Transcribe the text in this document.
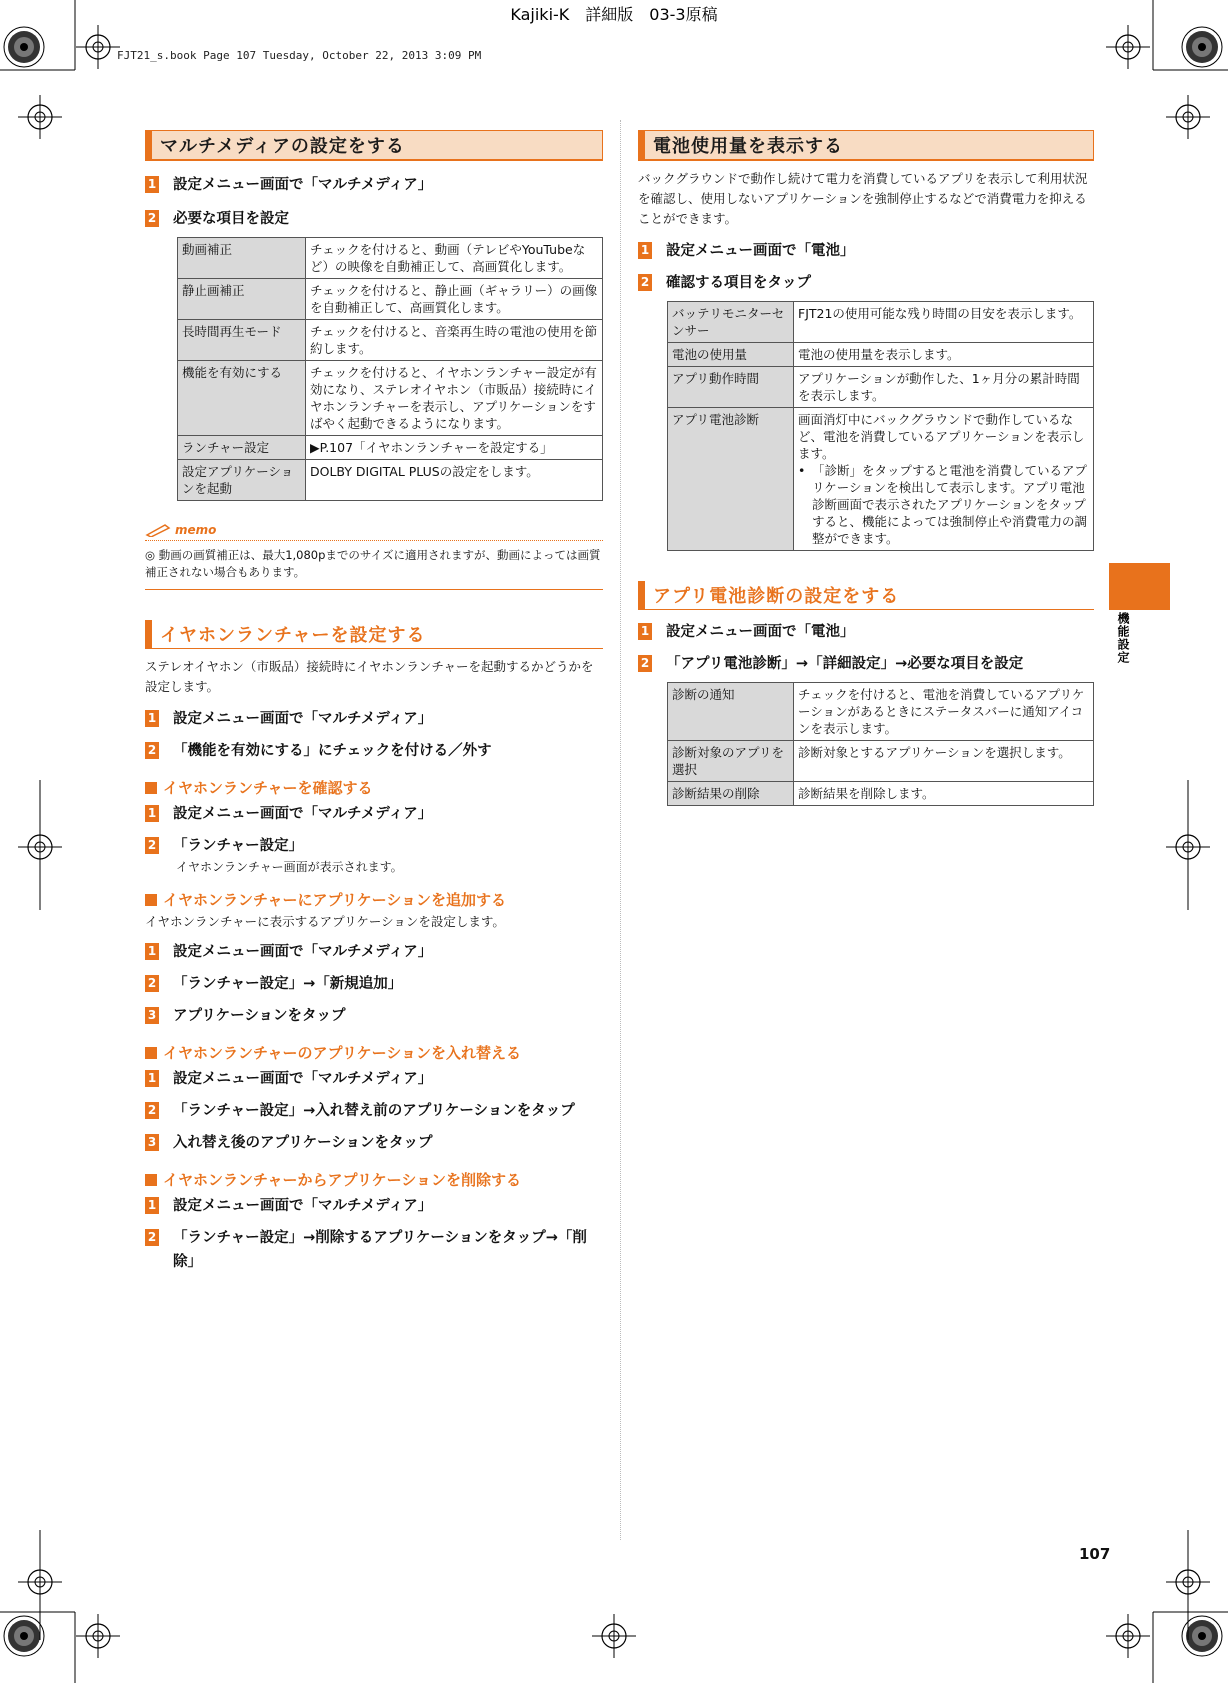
Kajiki-K　詳細版　03-3原稿
FJT21_s.book Page 107 Tuesday, October 22, 2013 3:09 PM
マルチメディアの設定をする
1 設定メニュー画面で「マルチメディア」
2 必要な項目を設定
動画補正	チェックを付けると、動画（テレビやYouTubeなど）の映像を自動補正して、高画質化します。
静止画補正	チェックを付けると、静止画（ギャラリー）の画像を自動補正して、高画質化します。
長時間再生モード	チェックを付けると、音楽再生時の電池の使用を節約します。
機能を有効にする	チェックを付けると、イヤホンランチャー設定が有効になり、ステレオイヤホン（市販品）接続時にイヤホンランチャーを表示し、アプリケーションをすばやく起動できるようになります。
ランチャー設定	▶P.107「イヤホンランチャーを設定する」
設定アプリケーションを起動	DOLBY DIGITAL PLUSの設定をします。
memo
◎ 動画の画質補正は、最大1,080pまでのサイズに適用されますが、動画によっては画質補正されない場合もあります。
イヤホンランチャーを設定する
ステレオイヤホン（市販品）接続時にイヤホンランチャーを起動するかどうかを設定します。
1 設定メニュー画面で「マルチメディア」
2 「機能を有効にする」にチェックを付ける／外す
イヤホンランチャーを確認する
1 設定メニュー画面で「マルチメディア」
2 「ランチャー設定」
イヤホンランチャー画面が表示されます。
イヤホンランチャーにアプリケーションを追加する
イヤホンランチャーに表示するアプリケーションを設定します。
1 設定メニュー画面で「マルチメディア」
2 「ランチャー設定」→「新規追加」
3 アプリケーションをタップ
イヤホンランチャーのアプリケーションを入れ替える
1 設定メニュー画面で「マルチメディア」
2 「ランチャー設定」→入れ替え前のアプリケーションをタップ
3 入れ替え後のアプリケーションをタップ
イヤホンランチャーからアプリケーションを削除する
1 設定メニュー画面で「マルチメディア」
2 「ランチャー設定」→削除するアプリケーションをタップ→「削除」
電池使用量を表示する
バックグラウンドで動作し続けて電力を消費しているアプリを表示して利用状況を確認し、使用しないアプリケーションを強制停止するなどで消費電力を抑えることができます。
1 設定メニュー画面で「電池」
2 確認する項目をタップ
バッテリモニターセンサー	FJT21の使用可能な残り時間の目安を表示します。
電池の使用量	電池の使用量を表示します。
アプリ動作時間	アプリケーションが動作した、1ヶ月分の累計時間を表示します。
アプリ電池診断	画面消灯中にバックグラウンドで動作しているなど、電池を消費しているアプリケーションを表示します。
• 「診断」をタップすると電池を消費しているアプリケーションを検出して表示します。アプリ電池診断画面で表示されたアプリケーションをタップすると、機能によっては強制停止や消費電力の調整ができます。
アプリ電池診断の設定をする
1 設定メニュー画面で「電池」
2 「アプリ電池診断」→「詳細設定」→必要な項目を設定
診断の通知	チェックを付けると、電池を消費しているアプリケーションがあるときにステータスバーに通知アイコンを表示します。
診断対象のアプリを選択	診断対象とするアプリケーションを選択します。
診断結果の削除	診断結果を削除します。
機能設定
107
